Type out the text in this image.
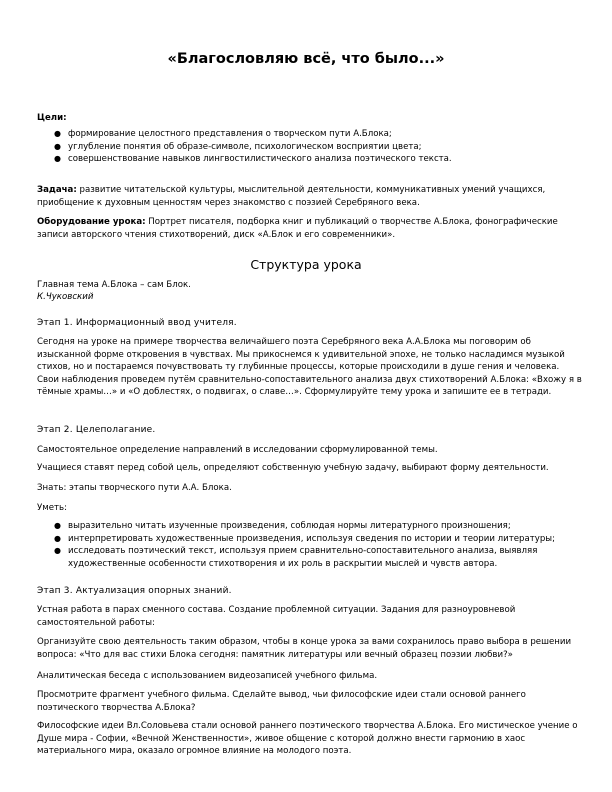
«Благословляю всё, что было...»
Цели:
● формирование целостного представления о творческом пути А.Блока;
● углубление понятия об образе-символе, психологическом восприятии цвета;
● совершенствование навыков лингвостилистического анализа поэтического текста.
Задача: развитие читательской культуры, мыслительной деятельности, коммуникативных умений учащихся, приобщение к духовным ценностям через знакомство с поэзией Серебряного века.
Оборудование урока: Портрет писателя, подборка книг и публикаций о творчестве А.Блока, фонографические записи авторского чтения стихотворений, диск «А.Блок и его современники».
Структура урока
Главная тема А.Блока – сам Блок.
К.Чуковский
Этап 1. Информационный ввод учителя.
Сегодня на уроке на примере творчества величайшего поэта Серебряного века А.А.Блока мы поговорим об изысканной форме откровения в чувствах. Мы прикоснемся к удивительной эпохе, не только насладимся музыкой стихов, но и постараемся почувствовать ту глубинные процессы, которые происходили в душе гения и человека. Свои наблюдения проведем путём сравнительно-сопоставительного анализа двух стихотворений А.Блока: «Вхожу я в тёмные храмы…» и «О доблестях, о подвигах, о славе…». Сформулируйте тему урока и запишите ее в тетради.
Этап 2. Целеполагание.
Самостоятельное определение направлений в исследовании сформулированной темы.
Учащиеся ставят перед собой цель, определяют собственную учебную задачу, выбирают форму деятельности.
Знать: этапы творческого пути А.А. Блока.
Уметь:
● выразительно читать изученные произведения, соблюдая нормы литературного произношения;
● интерпретировать художественные произведения, используя сведения по истории и теории литературы;
● исследовать поэтический текст, используя прием сравнительно-сопоставительного анализа, выявляя художественные особенности стихотворения и их роль в раскрытии мыслей и чувств автора.
Этап 3. Актуализация опорных знаний.
Устная работа в парах сменного состава. Создание проблемной ситуации. Задания для разноуровневой самостоятельной работы:
Организуйте свою деятельность таким образом, чтобы в конце урока за вами сохранилось право выбора в решении вопроса: «Что для вас стихи Блока сегодня: памятник литературы или вечный образец поэзии любви?»
Аналитическая беседа с использованием видеозаписей учебного фильма.
Просмотрите фрагмент учебного фильма. Сделайте вывод, чьи философские идеи стали основой раннего поэтического творчества А.Блока?
Философские идеи Вл.Соловьева стали основой раннего поэтического творчества А.Блока. Его мистическое учение о Душе мира - Софии, «Вечной Женственности», живое общение с которой должно внести гармонию в хаос материального мира, оказало огромное влияние на молодого поэта.
